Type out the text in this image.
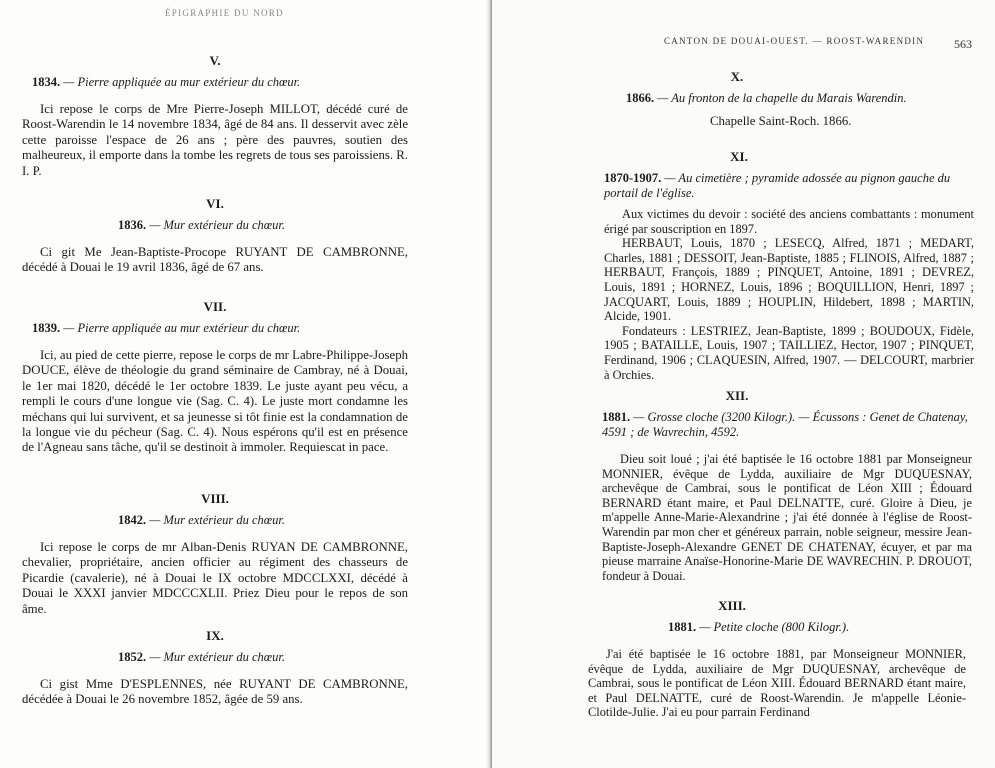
ÉPIGRAPHIE DU NORD
V.
1834. — Pierre appliquée au mur extérieur du chœur.

Ici repose le corps de Mre Pierre-Joseph MILLOT, décédé curé de Roost-Warendin le 14 novembre 1834, âgé de 84 ans. Il desservit avec zèle cette paroisse l'espace de 26 ans ; père des pauvres, soutien des malheureux, il emporte dans la tombe les regrets de tous ses paroissiens. R. I. P.

VI.
1836. — Mur extérieur du chœur.

Ci git Me Jean-Baptiste-Procope RUYANT DE CAMBRONNE, décédé à Douai le 19 avril 1836, âgé de 67 ans.

VII.
1839. — Pierre appliquée au mur extérieur du chœur.

Ici, au pied de cette pierre, repose le corps de mr Labre-Philippe-Joseph DOUCE, élève de théologie du grand séminaire de Cambray, né à Douai, le 1er mai 1820, décédé le 1er octobre 1839. Le juste ayant peu vécu, a rempli le cours d'une longue vie (Sag. C. 4). Le juste mort condamne les méchans qui lui survivent, et sa jeunesse si tôt finie est la condamnation de la longue vie du pécheur (Sag. C. 4). Nous espérons qu'il est en présence de l'Agneau sans tâche, qu'il se destinoit à immoler. Requiescat in pace.

VIII.
1842. — Mur extérieur du chœur.

Ici repose le corps de mr Alban-Denis RUYAN DE CAMBRONNE, chevalier, propriétaire, ancien officier au régiment des chasseurs de Picardie (cavalerie), né à Douai le IX octobre MDCCLXXI, décédé à Douai le XXXI janvier MDCCCXLII. Priez Dieu pour le repos de son âme.

IX.
1852. — Mur extérieur du chœur.

Ci gist Mme D'ESPLENNES, née RUYANT DE CAMBRONNE, décédée à Douai le 26 novembre 1852, âgée de 59 ans.

CANTON DE DOUAI-OUEST. — ROOST-WARENDIN 563
X.
1866. — Au fronton de la chapelle du Marais Warendin.

Chapelle Saint-Roch. 1866.

XI.
1870-1907. — Au cimetière ; pyramide adossée au pignon gauche du portail de l'église.

Aux victimes du devoir : société des anciens combattants : monument érigé par souscription en 1897.

HERBAUT, Louis, 1870 ; LESECQ, Alfred, 1871 ; MEDART, Charles, 1881 ; DESSOIT, Jean-Baptiste, 1885 ; FLINOIS, Alfred, 1887 ; HERBAUT, François, 1889 ; PINQUET, Antoine, 1891 ; DEVREZ, Louis, 1891 ; HORNEZ, Louis, 1896 ; BOQUILLION, Henri, 1897 ; JACQUART, Louis, 1889 ; HOUPLIN, Hildebert, 1898 ; MARTIN, Alcide, 1901.

Fondateurs : LESTRIEZ, Jean-Baptiste, 1899 ; BOUDOUX, Fidèle, 1905 ; BATAILLE, Louis, 1907 ; TAILLIEZ, Hector, 1907 ; PINQUET, Ferdinand, 1906 ; CLAQUESIN, Alfred, 1907. — DELCOURT, marbrier à Orchies.

XII.
1881. — Grosse cloche (3200 Kilogr.). — Écussons : Genet de Chatenay, 4591 ; de Wavrechin, 4592.

Dieu soit loué ; j'ai été baptisée le 16 octobre 1881 par Monseigneur MONNIER, évêque de Lydda, auxiliaire de Mgr DUQUESNAY, archevêque de Cambrai, sous le pontificat de Léon XIII ; Édouard BERNARD étant maire, et Paul DELNATTE, curé. Gloire à Dieu, je m'appelle Anne-Marie-Alexandrine ; j'ai été donnée à l'église de Roost-Warendin par mon cher et généreux parrain, noble seigneur, messire Jean-Baptiste-Joseph-Alexandre GENET DE CHATENAY, écuyer, et par ma pieuse marraine Anaïse-Honorine-Marie DE WAVRECHIN. P. DROUOT, fondeur à Douai.

XIII.
1881. — Petite cloche (800 Kilogr.).

J'ai été baptisée le 16 octobre 1881, par Monseigneur MONNIER, évêque de Lydda, auxiliaire de Mgr DUQUESNAY, archevêque de Cambrai, sous le pontificat de Léon XIII. Édouard BERNARD étant maire, et Paul DELNATTE, curé de Roost-Warendin. Je m'appelle Léonie-Clotilde-Julie. J'ai eu pour parrain Ferdinand
